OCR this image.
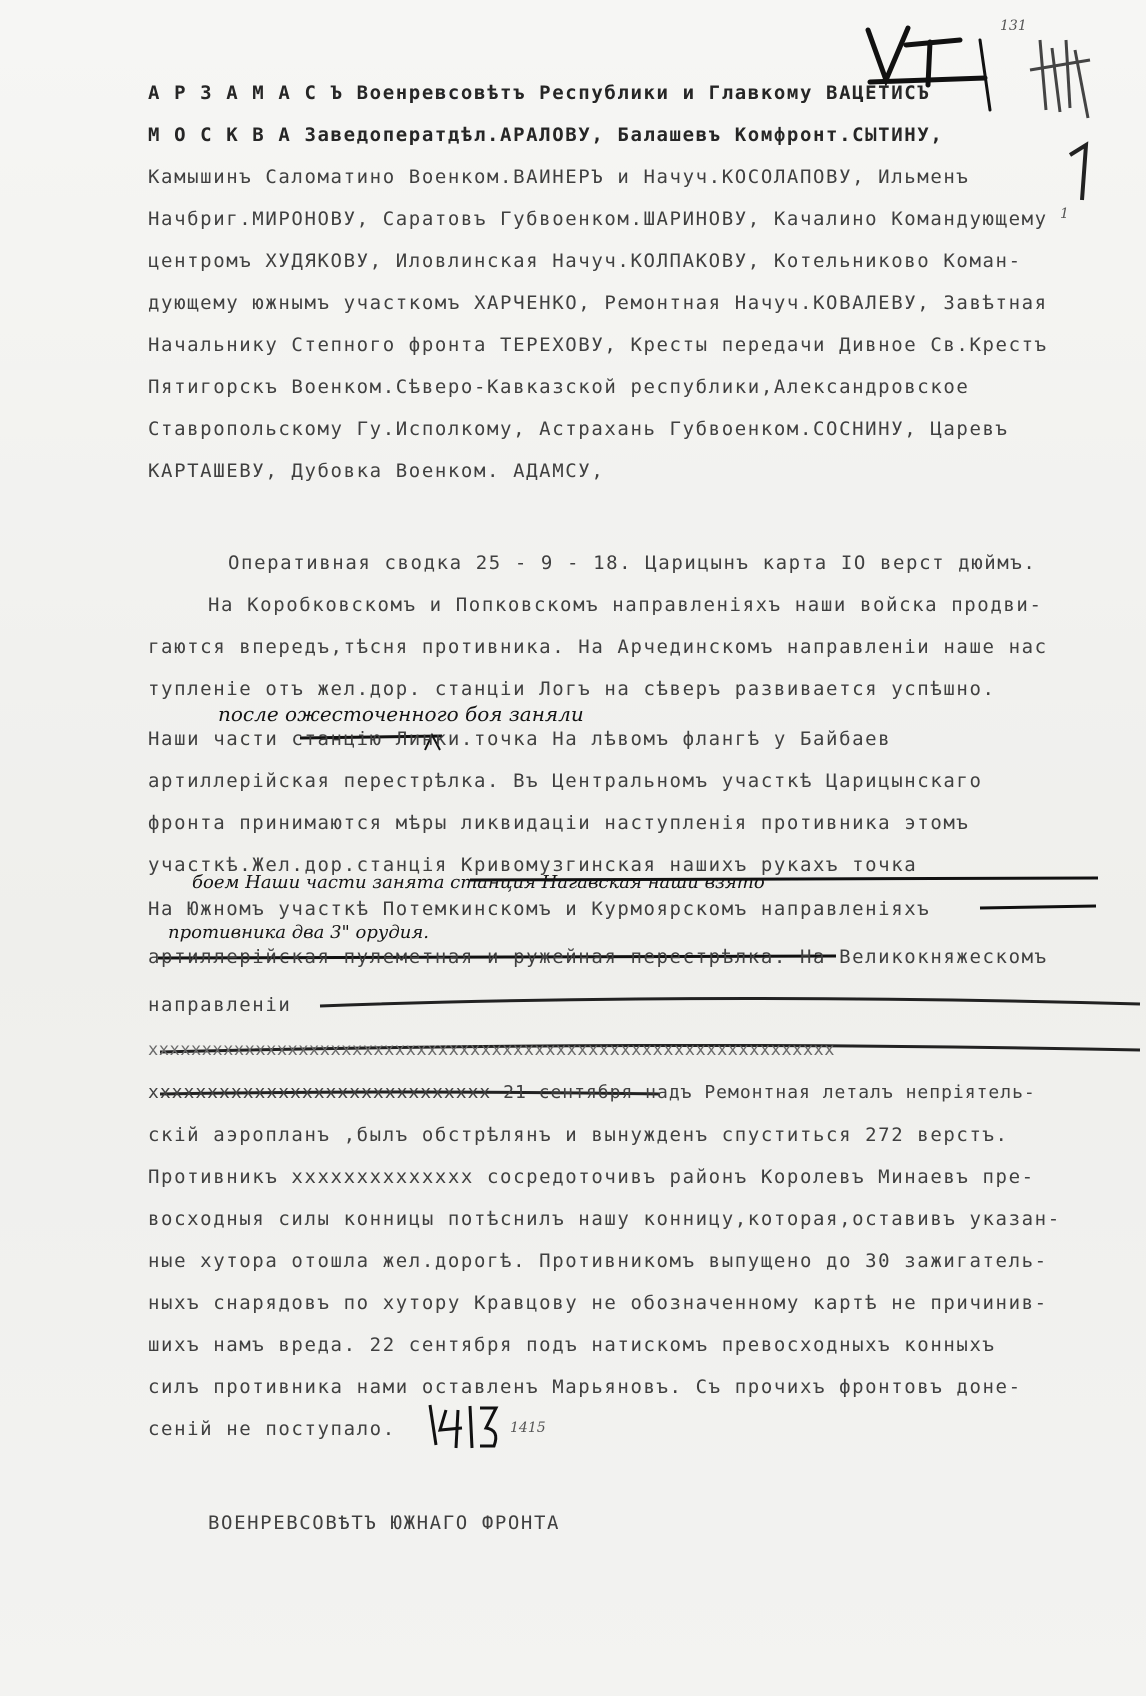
А Р З А М А С Ъ Военревсовѣтъ Республики и Главкому ВАЦЕТИСЪ
М О С К В А Заведоператдѣл.АРАЛОВУ, Балашевъ Комфронт.СЫТИНУ,
Камышинъ Саломатино Военком.ВАИНЕРЪ и Начуч.КОСОЛАПОВУ, Ильменъ
Начбриг.МИРОНОВУ, Саратовъ Губвоенком.ШАРИНОВУ, Качалино Командующему
центромъ ХУДЯКОВУ, Иловлинская Начуч.КОЛПАКОВУ, Котельниково Коман-
дующему южнымъ участкомъ ХАРЧЕНКО, Ремонтная Начуч.КОВАЛЕВУ, Завѣтная
Начальнику Степного фронта ТЕРЕХОВУ, Кресты передачи Дивное Св.Крестъ
Пятигорскъ Военком.Сѣверо-Кавказской республики,Александровское
Ставропольскому Гу.Исполкому, Астрахань Губвоенком.СОСНИНУ, Царевъ
КАРТАШЕВУ, Дубовка Военком. АДАМСУ,
Оперативная сводка 25 - 9 - 18. Царицынъ карта IO верст дюймъ.
На Коробковскомъ и Попковскомъ направленiяхъ наши войска продви-
гаются впередъ,тѣсня противника. На Арчединскомъ направленiи наше нас
тупленiе отъ жел.дор. станцiи Логъ на сѣверъ развивается успѣшно.
после ожесточенного боя заняли
Наши части станцiю Линки.точка На лѣвомъ флангѣ у Байбаев
артиллерiйская перестрѣлка. Въ Центральномъ участкѣ Царицынскаго
фронта принимаются мѣры ликвидацiи наступленiя противника этомъ
участкѣ.Жел.дор.станцiя Кривомузгинская нашихъ рукахъ точка
боем Наши части занятa станция Нагавская наши взято
На Южномъ участкѣ Потемкинскомъ и Курмоярскомъ направленiяхъ
противника два 3" орудия.
артиллерiйская пулеметная и ружейная перестрѣлка. На Великокняжескомъ
направленiи
xxxxxxxxxxxxxxxxxxxxxxxxxxxxxxxxxxxxxxxxxxxxxxxxxxxxxxxxxxxxxxxx
xxxxxxxxxxxxxxxxxxxxxxxxxxxxx 21 сентября надъ Ремонтная леталъ непрiятель-
скiй аэропланъ ,былъ обстрѣлянъ и вынужденъ спуститься 272 верстъ.
Противникъ xxxxxxxxxxxxxx сосредоточивъ районъ Королевъ Минаевъ пре-
восходныя силы конницы потѣснилъ нашу конницу,которая,оставивъ указан-
ные хутора отошла жел.дорогѣ. Противникомъ выпущено до 30 зажигатель-
ныхъ снарядовъ по хутору Кравцову не обозначенному картѣ не причинив-
шихъ намъ вреда. 22 сентября подъ натискомъ превосходныхъ конныхъ
силъ противника нами оставленъ Марьяновъ. Съ прочихъ фронтовъ доне-
сенiй не поступало.
ВОЕНРЕВСОВѢТЪ ЮЖНАГО ФРОНТА
1
131
1415
